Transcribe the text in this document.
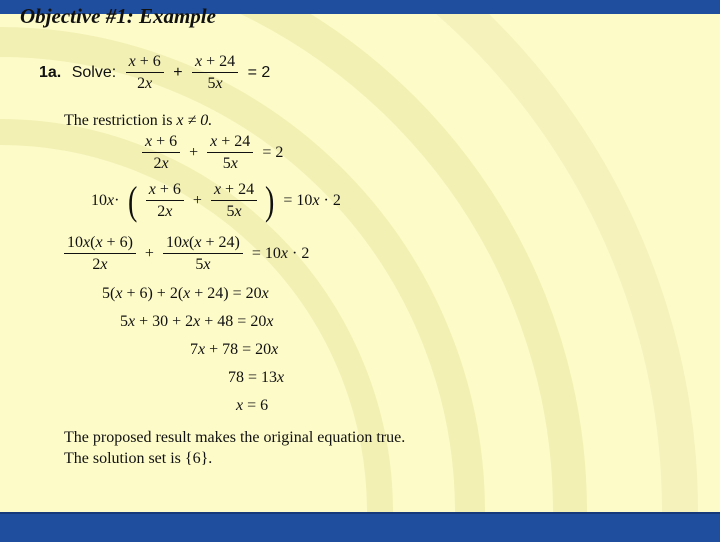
Objective #1: Example
1a. Solve: $\frac{x + 6}{2x} + \frac{x + 24}{5x} = 2$
The restriction is x ≠ 0.
$\frac{x + 6}{2x} + \frac{x + 24}{5x} = 2$
10x· ( $\frac{x + 6}{2x} + \frac{x + 24}{5x}$ ) = 10x · 2
$\frac{10x(x + 6)}{2x} + \frac{10x(x + 24)}{5x} = 10x \cdot 2$
5(x + 6) + 2(x + 24) = 20x
5x + 30 + 2x + 48 = 20x
7x + 78 = 20x
78 = 13x
x = 6
The proposed result makes the original equation true.
The solution set is {6}.
